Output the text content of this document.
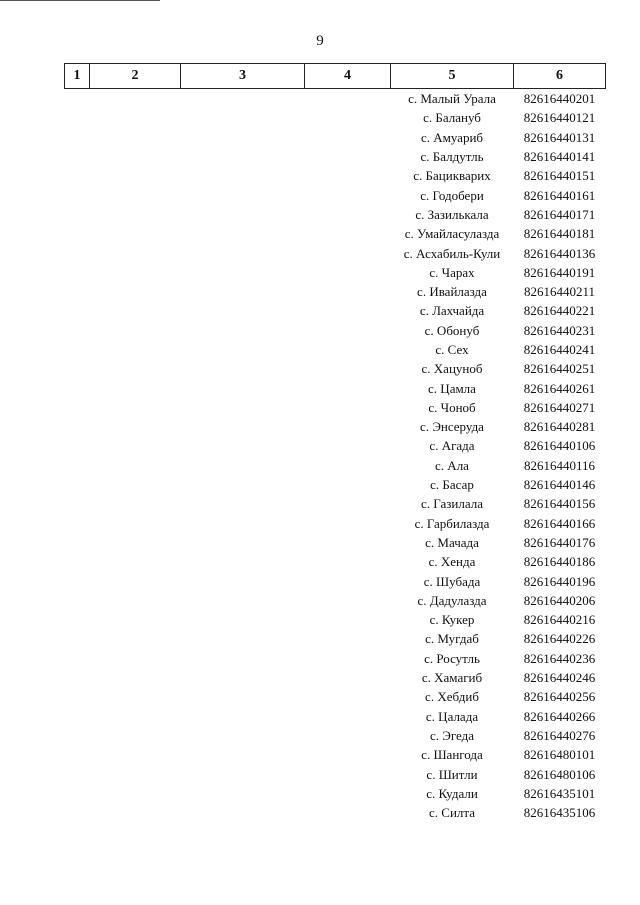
9
1	2	3	4	5	6
				с. Малый Урала	82616440201
				с. Балануб	82616440121
				с. Амуариб	82616440131
				с. Балдутль	82616440141
				с. Бацикварих	82616440151
				с. Годобери	82616440161
				с. Зазилькала	82616440171
				с. Умайласулазда	82616440181
				с. Асхабиль-Кули	82616440136
				с. Чарах	82616440191
				с. Ивайлазда	82616440211
				с. Лахчайда	82616440221
				с. Обонуб	82616440231
				с. Сех	82616440241
				с. Хацуноб	82616440251
				с. Цамла	82616440261
				с. Чоноб	82616440271
				с. Энсеруда	82616440281
				с. Агада	82616440106
				с. Ала	82616440116
				с. Басар	82616440146
				с. Газилала	82616440156
				с. Гарбилазда	82616440166
				с. Мачада	82616440176
				с. Хенда	82616440186
				с. Шубада	82616440196
				с. Дадулазда	82616440206
				с. Кукер	82616440216
				с. Мугдаб	82616440226
				с. Росутль	82616440236
				с. Хамагиб	82616440246
				с. Хебдиб	82616440256
				с. Цалада	82616440266
				с. Эгеда	82616440276
				с. Шангода	82616480101
				с. Шитли	82616480106
				с. Кудали	82616435101
				с. Силта	82616435106
